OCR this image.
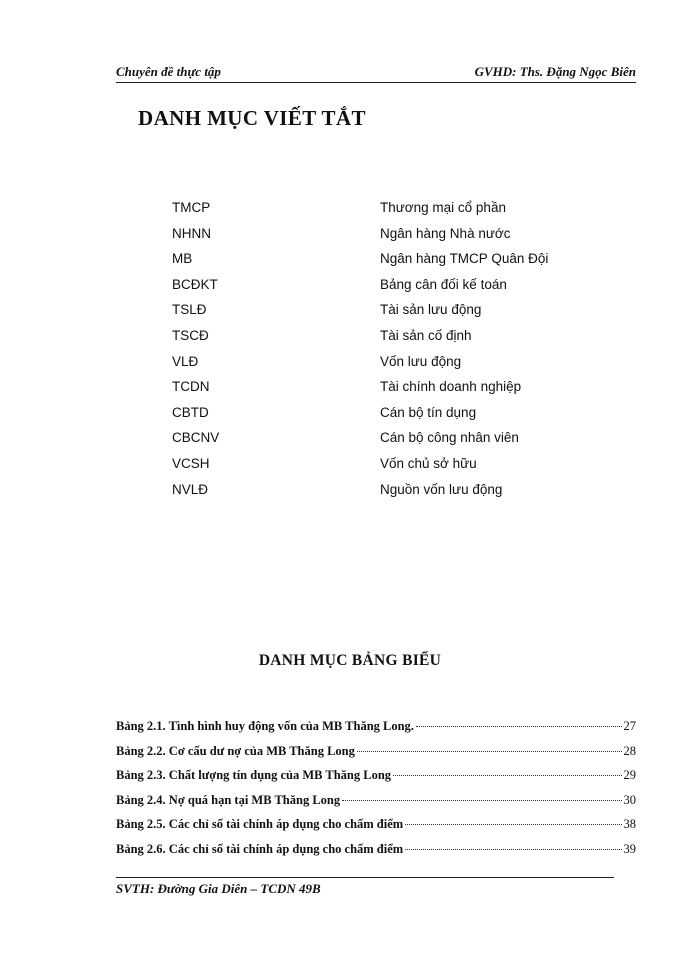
Chuyên đề thực tập	GVHD: Ths. Đặng Ngọc Biên
DANH MỤC VIẾT TẮT
TMCP	Thương mại cổ phần
NHNN	Ngân hàng Nhà nước
MB	Ngân hàng TMCP Quân Đội
BCĐKT	Bảng cân đối kế toán
TSLĐ	Tài sản lưu động
TSCĐ	Tài sản cố định
VLĐ	Vốn lưu động
TCDN	Tài chính doanh nghiệp
CBTD	Cán bộ tín dụng
CBCNV	Cán bộ công nhân viên
VCSH	Vốn chủ sở hữu
NVLĐ	Nguồn vốn lưu động
DANH MỤC BẢNG BIỂU
Bảng 2.1. Tình hình huy động vốn của MB Thăng Long.	27
Bảng 2.2. Cơ cấu dư nợ của MB Thăng Long	28
Bảng 2.3. Chất lượng tín dụng của MB Thăng Long	29
Bảng 2.4. Nợ quá hạn tại MB Thăng Long	30
Bảng 2.5. Các chỉ số tài chính áp dụng cho chấm điểm	38
Bảng 2.6. Các chỉ số tài chính áp dụng cho chấm điểm	39
SVTH: Đường Gia Diên – TCDN 49B
